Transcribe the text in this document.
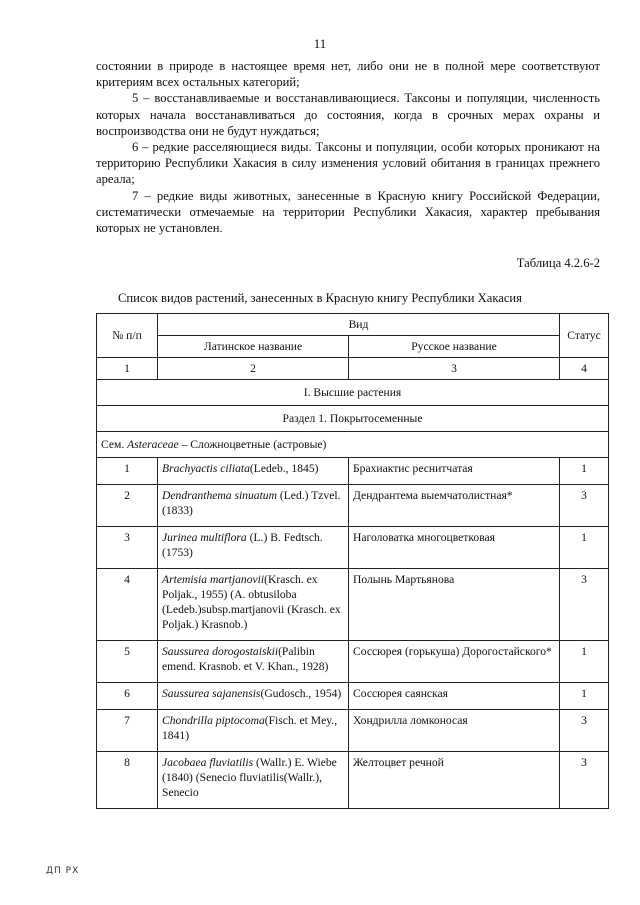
11

состоянии в природе в настоящее время нет, либо они не в полной мере соответствуют критериям всех остальных категорий;

5 – восстанавливаемые и восстанавливающиеся. Таксоны и популяции, численность которых начала восстанавливаться до состояния, когда в срочных мерах охраны и воспроизводства они не будут нуждаться;

6 – редкие расселяющиеся виды. Таксоны и популяции, особи которых проникают на территорию Республики Хакасия в силу изменения условий обитания в границах прежнего ареала;

7 – редкие виды животных, занесенные в Красную книгу Российской Федерации, систематически отмечаемые на территории Республики Хакасия, характер пребывания которых не установлен.

Таблица 4.2.6-2
Список видов растений, занесенных в Красную книгу Республики Хакасия
№ п/п	Вид		Статус
	Латинское название	Русское название	
1	2	3	4
I. Высшие растения			
Раздел 1. Покрытосеменные			
Сем. Asteraceae – Сложноцветные (астровые)			
1	Brachyactis ciliata(Ledeb., 1845)	Брахиактис реснитчатая	1
2	Dendranthema sinuatum (Led.) Tzvel. (1833)	Дендрантема выемчатолистная*	3
3	Jurinea multiflora (L.) B. Fedtsch. (1753)	Наголоватка многоцветковая	1
4	Artemisia martjanovii(Krasch. ex Poljak., 1955) (A. obtusiloba (Ledeb.)subsp.martjanovii (Krasch. ex Poljak.) Krasnob.)	Полынь Мартьянова	3
5	Saussurea dorogostaiskii(Palibin emend. Krasnob. et V. Khan., 1928)	Соссюрея (горькуша) Дорогостайского*	1
6	Saussurea sajanensis(Gudosch., 1954)	Соссюрея саянская	1
7	Chondrilla piptocoma(Fisch. et Mey., 1841)	Хондрилла ломконосая	3
8	Jacobaea fluviatilis (Wallr.) E. Wiebe (1840) (Senecio fluviatilis(Wallr.), Senecio	Желтоцвет речной	3
ДП РХ
